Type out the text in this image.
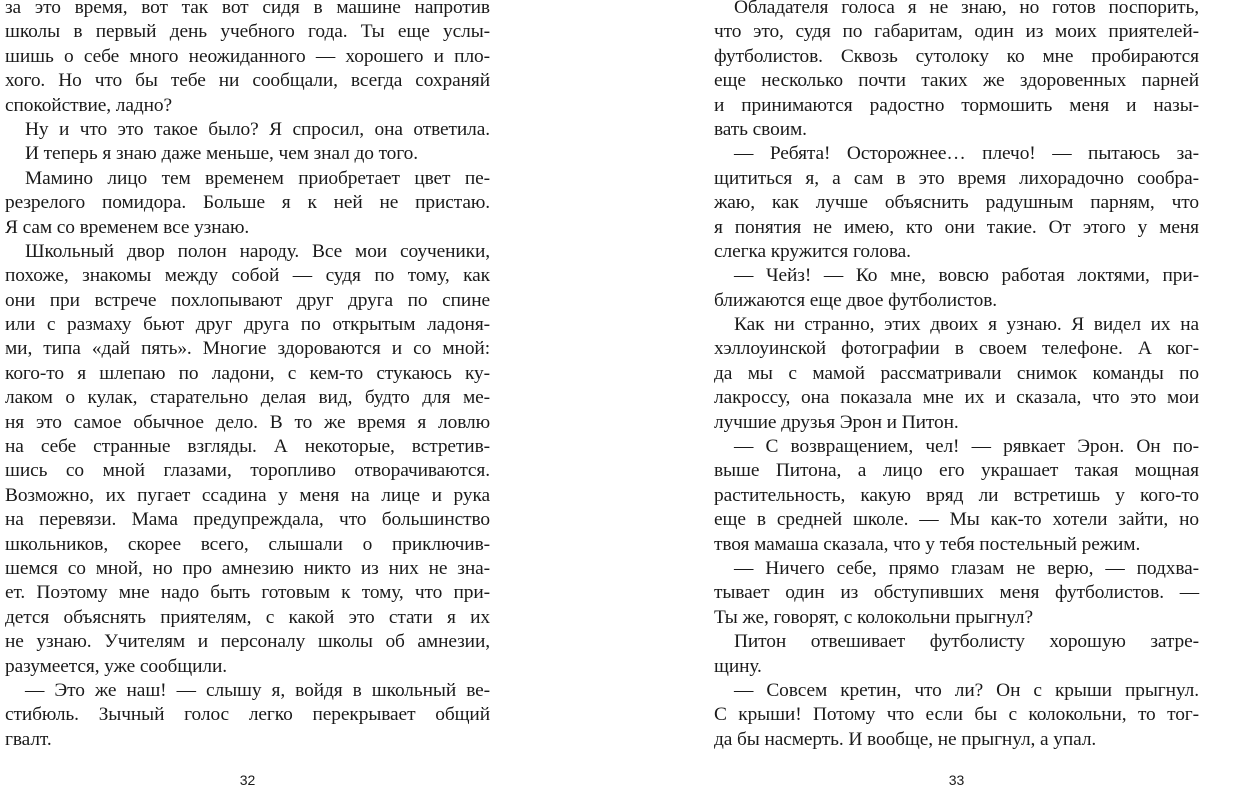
за это время, вот так вот сидя в машине напротив
школы в первый день учебного года. Ты еще услы-
шишь о себе много неожиданного — хорошего и пло-
хого. Но что бы тебе ни сообщали, всегда сохраняй
спокойствие, ладно?
Ну и что это такое было? Я спросил, она ответила.
И теперь я знаю даже меньше, чем знал до того.
Мамино лицо тем временем приобретает цвет пе-
резрелого помидора. Больше я к ней не пристаю.
Я сам со временем все узнаю.
Школьный двор полон народу. Все мои соученики,
похоже, знакомы между собой — судя по тому, как
они при встрече похлопывают друг друга по спине
или с размаху бьют друг друга по открытым ладоня-
ми, типа «дай пять». Многие здороваются и со мной:
кого-то я шлепаю по ладони, с кем-то стукаюсь ку-
лаком о кулак, старательно делая вид, будто для ме-
ня это самое обычное дело. В то же время я ловлю
на себе странные взгляды. А некоторые, встретив-
шись со мной глазами, торопливо отворачиваются.
Возможно, их пугает ссадина у меня на лице и рука
на перевязи. Мама предупреждала, что большинство
школьников, скорее всего, слышали о приключив-
шемся со мной, но про амнезию никто из них не зна-
ет. Поэтому мне надо быть готовым к тому, что при-
дется объяснять приятелям, с какой это стати я их
не узнаю. Учителям и персоналу школы об амнезии,
разумеется, уже сообщили.
— Это же наш! — слышу я, войдя в школьный ве-
стибюль. Зычный голос легко перекрывает общий
гвалт.
32
Обладателя голоса я не знаю, но готов поспорить,
что это, судя по габаритам, один из моих приятелей-
футболистов. Сквозь сутолоку ко мне пробираются
еще несколько почти таких же здоровенных парней
и принимаются радостно тормошить меня и назы-
вать своим.
— Ребята! Осторожнее… плечо! — пытаюсь за-
щититься я, а сам в это время лихорадочно сообра-
жаю, как лучше объяснить радушным парням, что
я понятия не имею, кто они такие. От этого у меня
слегка кружится голова.
— Чейз! — Ко мне, вовсю работая локтями, при-
ближаются еще двое футболистов.
Как ни странно, этих двоих я узнаю. Я видел их на
хэллоуинской фотографии в своем телефоне. А ког-
да мы с мамой рассматривали снимок команды по
лакроссу, она показала мне их и сказала, что это мои
лучшие друзья Эрон и Питон.
— С возвращением, чел! — рявкает Эрон. Он по-
выше Питона, а лицо его украшает такая мощная
растительность, какую вряд ли встретишь у кого-то
еще в средней школе. — Мы как-то хотели зайти, но
твоя мамаша сказала, что у тебя постельный режим.
— Ничего себе, прямо глазам не верю, — подхва-
тывает один из обступивших меня футболистов. —
Ты же, говорят, с колокольни прыгнул?
Питон отвешивает футболисту хорошую затре-
щину.
— Совсем кретин, что ли? Он с крыши прыгнул.
С крыши! Потому что если бы с колокольни, то тог-
да бы насмерть. И вообще, не прыгнул, а упал.
33
